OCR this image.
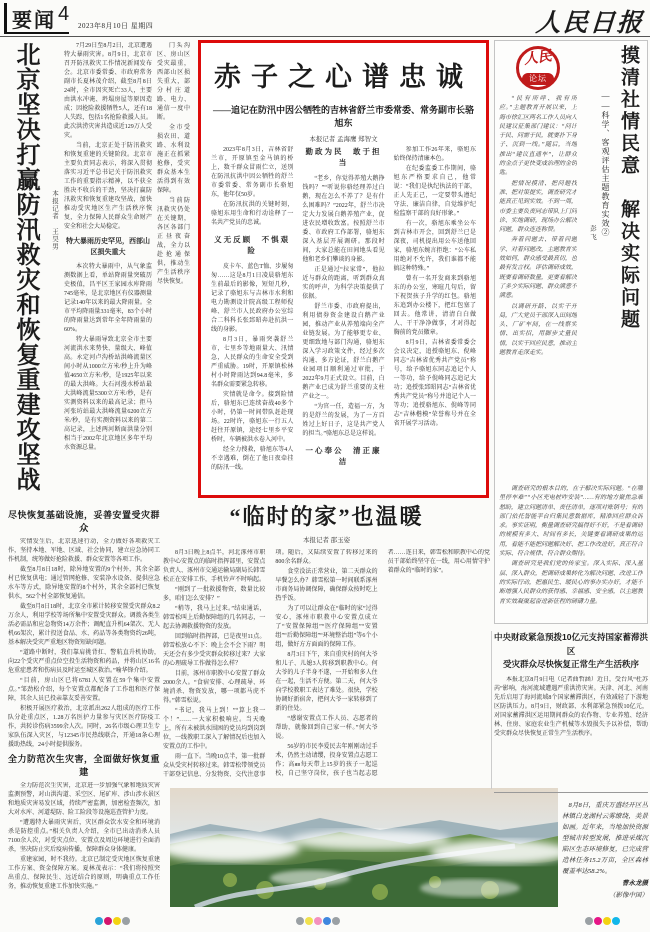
要闻 4
2023年8月10日 星期四	人民日报
北京坚决打赢防汛救灾和恢复重建攻坚战	本报记者 王昊男

7月29日至8月2日，北京遭遇特大暴雨灾害。8月9日，北京市召开防汛救灾工作情况新闻发布会。北京市委常委、市政府常务副市长夏林茂介绍，截至8月8日24时，全市因灾死亡33人，主要由洪水冲淹、坍塌房屋等原因造成；因抢险救援牺牲5人，还有18人失踪，包括1名抢险救援人员。此次洪涝灾害共造成近129万人受灾。

当前，北京正处于防汛救灾和恢复重建的关键阶段。北京市主要负责同志表示，将深入贯彻落实习近平总书记关于防汛救灾工作的重要指示精神，以不获全胜决不收兵的干劲，坚决打赢防汛救灾和恢复重建攻坚战，加快推动受灾地区生产生活秩序恢复，全力保障人民群众生命财产安全和社会大局稳定。

特大暴雨历史罕见，西部山区损失重大

本次特大暴雨中，从气象监测数据上看，单站降雨量突破历史极值，昌平区王家园水库降雨745毫米，是北京地区有仪器测量记录140年以来的最大降雨量。全市平均降雨量331毫米，83个小时的降雨量达到常年全年降雨量的60%。

特大暴雨导致北京全市主要河流洪水来势快、量级大、峰值高。永定河卢沟桥站洪峰流量区间小时从1000立方米/秒上升为峰值4650立方米/秒，是1925年以来的最大洪峰。大石河漫水桥站最大洪峰流量5300立方米/秒，是有实测资料以来的最高记录；拒马河张坊站最大洪峰流量6200立方米/秒，是有实测资料以来的第二高记录，上述两河断面洪量分别相当于2002年北京地区多年平均水资源总量。

门头沟区、房山区受灾最重，西部山区损失重大，部分村庄道路、电力、通信一度中断。

全市受损农田、道路、水利设施正在抓紧抢修，受灾群众基本生活得到有效保障。

当前防汛救灾仍处在关键期，各区各部门正昼夜奋战，全力以赴抢通保供，推动生产生活秩序尽快恢复。

尽快恢复基础设施，妥善安置受灾群众

灾情发生后，北京迅速行动，全力做好各项救灾工作，坚持本地、军地、区域、社会协同，建立应急协同工作机制，统筹做好抢险救援、群众安置等各项工作。

截至8月8日18时，除异地安置的9个村外，其余全部村已恢复供电；通过管网抢修、安装净水设备、提供应急水车等方式，除异地安置的8个村外，其余全部村已恢复供水，562个村全部恢复通信。

截至8月8日18时，北京全市累计转移安置受灾群众8.2万余人，利用学校等场所集中安置受灾群众。调拨各类生活必需品和应急物资14万余件；调配直升机64架次、无人机66架次，累计投送食品、水、药品等各类物资约26吨，基本解决受灾严重地区物资短缺问题。

“道路中断时，我们靠肩挑背扛、警航直升机协助，向22个受灾严重点位空投生活物资和药品，并将山区16名危重症患者和伤病员及时运至城区救治。”喻华锋介绍。

“目前，房山区已将6781人安置在59个集中安置点。”邹劲松介绍，每个安置点都配备了工作组和医疗保障，其余人员已投亲靠友妥善安置。

积极开展医疗救治，北京派出262人组成的医疗工作队分赴重点区，1.28万名医护力量参与灾区医疗防疫工作，共转诊伤病3599余人次。同时，26名市级心理卫生专家队伍深入灾区，与12345市民热线联合，开通18条心理援助热线，24小时提供服务。

全力防范次生灾害，全面做好恢复重建

全力防范次生灾害，北京进一步加强气象和地质灾害监测预警，对山洪沟道、采空区、尾矿库、涉山涉水景区和地质灾害易发区域，持续严密监测，加密检查频次，加大对水库、河道堤防、险工险段等设施巡查管护力度。

“遭遇特大暴雨灾害后，灾区群众饮水安全和环境消杀是防控重点。”相关负责人介绍，全市已出动消杀人员7100余人次，对受灾点位、安置点及周边环境进行全面消杀，坚决防止灾后疫病传播，保障群众身体健康。

重建家园，时不我待。北京已制定受灾地区恢复重建工作方案、资金保障方案。夏林茂表示：“我们将按照突出重点、保障民生、远近结合的原则，明确重点工作任务，推动恢复重建工作加快实施。”

赤子之心谱忠诚
——追记在防汛中因公牺牲的吉林省舒兰市委常委、常务副市长骆旭东
本报记者 孟海鹰 郑智文

2023年8月3日，吉林省舒兰市，开原镇至金马镇的桥上，数千群众冒雨伫立，送别在防汛抗洪中因公牺牲的舒兰市委常委、常务副市长骆旭东，他年仅50岁。

在防汛抗洪的关键时刻，骆旭东用生命和行动诠释了一名共产党员的忠诚。

义无反顾　不惧艰险

皮卡车、蓝色T恤、步履匆匆……这是8月1日凌晨骆旭东生前最后的影像，短短几秒，记录了骆旭东与吉林市水利和电力勘测设计院高级工程师倪峰、舒兰市人民政府办公室综合二科科长张郅昭奔赴抗洪一线的身影。

8月3日，暴雨突袭舒兰市，七里乡等地雨量大、汛情急，人民群众的生命安全受到严重威胁。19时，开原镇松林村小时降雨达到94.8毫米，多名群众需要紧急转移。

灾情就是命令。接到险情后，骆旭东已连续奋战40多个小时，仍第一时间带队赶赴现场。22时许，骆旭东一行五人赶往开原镇，途经七里乡平安桥时，车辆被洪水卷入河中。

经全力搜救，骆旭东等4人不幸遇难，倒在了他日夜牵挂的防汛一线。

勤政为民　敢于担当

“老乡，你觉得养殖大鹅挣钱吗？”“听说你骆经理养过白鹅，现在怎么不养了？是有什么困难吗？”2022年，舒兰市决定大力发展白鹅养殖产业，促进农民增收致富。按照舒兰市委、市政府工作部署，骆旭东深入基层开展调研。那段时间，大家总能在田间地头看见他和老乡们攀谈的身影。

正是通过“拉家常”，他拉近与群众的距离，听到群众真实的呼声，为科学决策提供了依据。

舒兰市委、市政府提出，利用债券资金建设白鹅产业园，推动产业从养殖端向全产业链发展。为了能够更专业、更细致地与部门沟通，骆旭东深入学习政策文件，经过多次沟通、多方论证，舒兰白鹅产业园项目顺利通过审批，于2022年9月正式设立。目前，白鹅产业已成为舒兰重要的支柱产业之一。

“为官一任，造福一方，为的是舒兰的发展，为了一方百姓过上好日子，这是共产党人的担当。”骆旭东总是这样说。

一心奉公　清正廉洁

参加工作26年来，骆旭东始终保持清廉本色。

在纪委监委工作期间，骆旭东严格要求自己，他常说：“我们是执纪执法的干部，正人先正己，一定要带头遵纪守法、廉洁自律，自觉维护纪检监察干部的良好形象。”

有一次，骆旭东乘坐公车到吉林市开会，回到舒兰已是深夜，司机提出用公车送他回家，骆旭东婉言拒绝：“公车私用绝对不允许，我们谁都不能搞这种特殊。”

曾有一名开发商来到骆旭东的办公室，寒暄几句后，留下祝贺孩子升学的红包。骆旭东追到办公楼下，把红包塞了回去。他常讲，清清白白做人、干干净净做事，才对得起胸前的党员徽章。

8月9日，吉林省委常委会会议决定，追授骆旭东、倪峰同志“吉林省优秀共产党员”称号，给予骆旭东同志追记个人一等功，给予倪峰同志追记大功；追授张郅昭同志“吉林省优秀共产党员”称号并追记个人一等功；追授骆旭东、倪峰等同志“吉林楷模”荣誉称号并在全省开展学习活动。

“临时的家”也温暖
本报记者 邵玉姿

8月3日晚上8点半，河北涿州市职教中心安置点的临时指挥部里，安置点负责人、涿州市交通运输局副局长韩雪松正在安排工作，手机铃声不时响起。

“刚到了一批救援物资，数量比较多，咱们怎么安排？”

“稍等，我马上过来。”结束通话，韩雪松叫上后勤保障组的几名同志，一起去协调救援物资的发放。

回到临时指挥部，已是夜里11点。韩雪松放心不下：晚上会不会下雨？明天还会有多少受灾群众转移过来？大家的心理疏导工作做得怎么样？

目前，涿州市职教中心安置了群众2000余人。“食宿安排、心理疏导、环境消杀、物资发放，哪一项都马虎不得。”韩雪松说。

“书记，我马上到！”“算上我一个！”……一大家积极响应。当天晚上，所有未被洪水围困的党员均到岗到位，一线教职工深入了解情况后也加入安置点的工作中。

雨一直下。当晚10点半，第一批群众从受灾村转移过来。韩雪松带领党员干部登记信息、分发物资、交代注意事项。随后，又陆续安置了转移过来的800余名群众。

食堂没法正常营业，第二天群众的早餐怎么办？韩雪松第一时间联系涿州市商务局协调保障，确保群众按时吃上热乎饭。

为了可以让群众在“临时的家”过得安心，涿州市职教中心安置点成立了“安置保障组”“医疗保障组”“安置组”“后勤保障组”“环境整治组”等6个小组，做好方方面面的保障工作。

8月3日下午，来自重灾村的何大爷和儿子、儿媳3人转移到职教中心。何大爷的儿子半身不遂，一开始和多人住在一起，生活不方便。第二天，何大爷向学校教职工表达了难处。很快，学校协调好新宿舍，把何大爷一家转移到了新的住处。

“感谢安置点工作人员、志愿者的帮助，就像回到自己家一样。”何大爷说。

56岁的市民李爱民去年刚刚动过手术，仍然主动请缨，投身安置点志愿工作；高яв每天带上15岁的孩子一起巡校，自己坚守岗位，孩子也当起志愿者……连日来，韩雪松和职教中心的党员干部始终坚守在一线，用心用情守护着群众的“临时的家”。

人民
论坛

“民有所呼、我有所应。”主题教育开展以来，上海市徐汇区两名工作人员向人民建议征集部门建议：“问计于民、问需于民，就要扑下身子、沉到一线。”随后，当地推出“建议直通车”，让群众的金点子更快变成治理的金钥匙。

把情况摸清、把问题找准、把对策提实，调查研究才能真正见到实效。不到一周，市委主要负责同志带队上门问诊、实地调研，现场办公解决问题，群众连连称赞。

奔着问题去、带着问题学、对着问题改，主题教育实效如何，群众感受最真切，也最有发言权。评估调研成效，既要看调研数量，更要看解决了多少实际问题、群众满意不满意。

以调研开路、以实干开局，广大党员干部深入田间地头、厂矿车间，在一线察实情、出实招，用脚步丈量民情，以实干回应民意，推动主题教育走深走实。

摸清社情民意　解决实际问题
——科学、客观评估主题教育实效②
彭飞

调查研究的根本目的，在于解决实际问题。“在哪里停车难”“小区充电桩咋安装”……有的地方聚焦急难愁盼，建立问题清单、责任清单，逐项对账销号；有的部门依托智能平台归集民意数据库，精准回应群众诉求。事实证明，衡量调查研究搞得好不好，不是看调研的规模有多大、时间有多长，关键要看调研成果的运用，看能不能把问题解决好、把工作改进好，真正符合实际、符合规律、符合群众期待。

调查研究是我们党的传家宝。深入实际、深入基层、深入群众，把调研成果转化为解决问题、改进工作的实际行动，把惠民生、暖民心的事办实办好，才能不断增强人民群众的获得感、幸福感、安全感，以主题教育实效凝聚起奋进新征程的磅礴力量。

中央财政紧急预拨10亿元支持国家蓄滞洪区
受灾群众尽快恢复正常生产生活秩序

本报北京8月9日电（记者曲哲涵）近日，受台风“杜苏芮”影响，海河流域遭遇严重洪涝灾害。天津、河北、河南先后启用了海河流域8个国家蓄滞洪区，有效减轻了下游地区防洪压力。8月9日，财政部、水利部紧急预拨10亿元，对国家蓄滞洪区运用期间群众的农作物、专业养殖、经济林、住房、家庭农业生产机械等水毁损失予以补偿，帮助受灾群众尽快恢复正常生产生活秩序。

8月8日，重庆万盛经开区丛林镇白龙湖村云雾缭绕，美景如画。近年来，当地加快资源型城市转型发展，推进采煤沉陷区生态环境修复，已完成营造林任务15.2万亩，全区森林覆盖率达58.2%。

曹永龙摄

（影像中国）
